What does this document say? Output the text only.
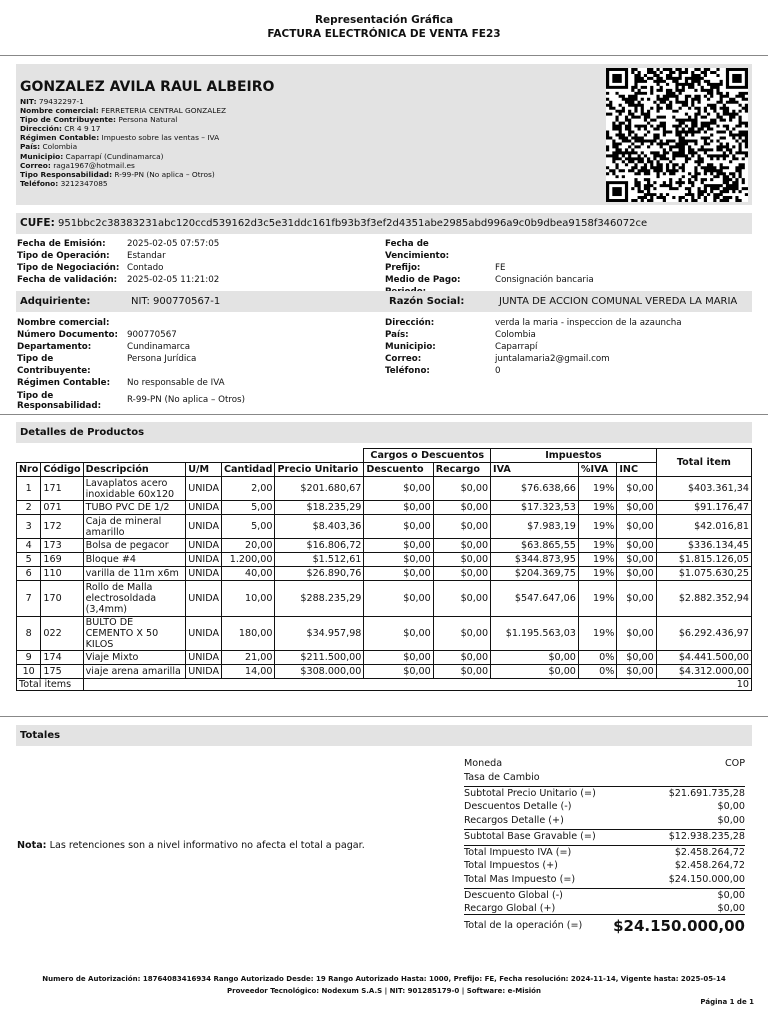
Representación Gráfica
FACTURA ELECTRÓNICA DE VENTA FE23
GONZALEZ AVILA RAUL ALBEIRO
NIT: 79432297-1
Nombre comercial: FERRETERIA CENTRAL GONZALEZ
Tipo de Contribuyente: Persona Natural
Dirección: CR 4 9 17
Régimen Contable: Impuesto sobre las ventas – IVA
País: Colombia
Municipio: Caparrapí (Cundinamarca)
Correo: raga1967@hotmail.es
Tipo Responsabilidad: R-99-PN (No aplica – Otros)
Teléfono: 3212347085
CUFE: 951bbc2c38383231abc120ccd539162d3c5e31ddc161fb93b3f3ef2d4351abe2985abd996a9c0b9dbea9158f346072ce
Fecha de Emisión:	2025-02-05 07:57:05
Tipo de Operación:	Estandar
Tipo de Negociación: Contado
Fecha de validación:	2025-02-05 11:21:02
Fecha de Vencimiento:
Prefijo:	FE
Medio de Pago:	Consignación bancaria
Adquiriente:	NIT: 900770567-1	Razón Social:	JUNTA DE ACCION COMUNAL VEREDA LA MARIA
Nombre comercial:
Número Documento:	900770567
Departamento:	Cundinamarca
Tipo de Contribuyente:
Persona Jurídica
Régimen Contable:	No responsable de IVA
Tipo de
Responsabilidad:
R-99-PN (No aplica – Otros)
Dirección:	verda la maria - inspeccion de la azauncha
País:	Colombia
Municipio:	Caparrapí
Correo:	juntalamaria2@gmail.com
Teléfono:	0
Detalles de Productos
						Cargos o Descuentos		Impuestos			Total item
Nro	Código	Descripción	U/M	Cantidad	Precio Unitario	Descuento	Recargo	IVA	%IVA	INC	
1	171	Lavaplatos acero inoxidable 60x120	UNIDA	2,00	$201.680,67	$0,00	$0,00	$76.638,66	19%	$0,00	$403.361,34
2	071	TUBO PVC DE 1/2	UNIDA	5,00	$18.235,29	$0,00	$0,00	$17.323,53	19%	$0,00	$91.176,47
3	172	Caja de mineral amarillo	UNIDA	5,00	$8.403,36	$0,00	$0,00	$7.983,19	19%	$0,00	$42.016,81
4	173	Bolsa de pegacor	UNIDA	20,00	$16.806,72	$0,00	$0,00	$63.865,55	19%	$0,00	$336.134,45
5	169	Bloque #4	UNIDA	1.200,00	$1.512,61	$0,00	$0,00	$344.873,95	19%	$0,00	$1.815.126,05
6	110	varilla de 11m x6m	UNIDA	40,00	$26.890,76	$0,00	$0,00	$204.369,75	19%	$0,00	$1.075.630,25
7	170	Rollo de Malla electrosoldada (3,4mm)	UNIDA	10,00	$288.235,29	$0,00	$0,00	$547.647,06	19%	$0,00	$2.882.352,94
8	022	BULTO DE CEMENTO X 50 KILOS	UNIDA	180,00	$34.957,98	$0,00	$0,00	$1.195.563,03	19%	$0,00	$6.292.436,97
9	174	Viaje Mixto	UNIDA	21,00	$211.500,00	$0,00	$0,00	$0,00	0%	$0,00	$4.441.500,00
10	175	viaje arena amarilla	UNIDA	14,00	$308.000,00	$0,00	$0,00	$0,00	0%	$0,00	$4.312.000,00
Total items		10									
Totales
Nota: Las retenciones son a nivel informativo no afecta el total a pagar.
Moneda	COP
Tasa de Cambio
Subtotal Precio Unitario (=)	$21.691.735,28
Descuentos Detalle (-)	$0,00
Recargos Detalle (+)	$0,00
Subtotal Base Gravable (=)	$12.938.235,28
Total Impuesto IVA (=)	$2.458.264,72
Total Impuestos (+)	$2.458.264,72
Total Mas Impuesto (=)	$24.150.000,00
Descuento Global (-)	$0,00
Recargo Global (+)	$0,00
Total de la operación (=) $24.150.000,00
Numero de Autorización: 18764083416934 Rango Autorizado Desde: 19 Rango Autorizado Hasta: 1000, Prefijo: FE, Fecha resolución: 2024-11-14, Vigente hasta: 2025-05-14
Proveedor Tecnológico: Nodexum S.A.S | NIT: 901285179-0 | Software: e-Misión
Página 1 de 1
